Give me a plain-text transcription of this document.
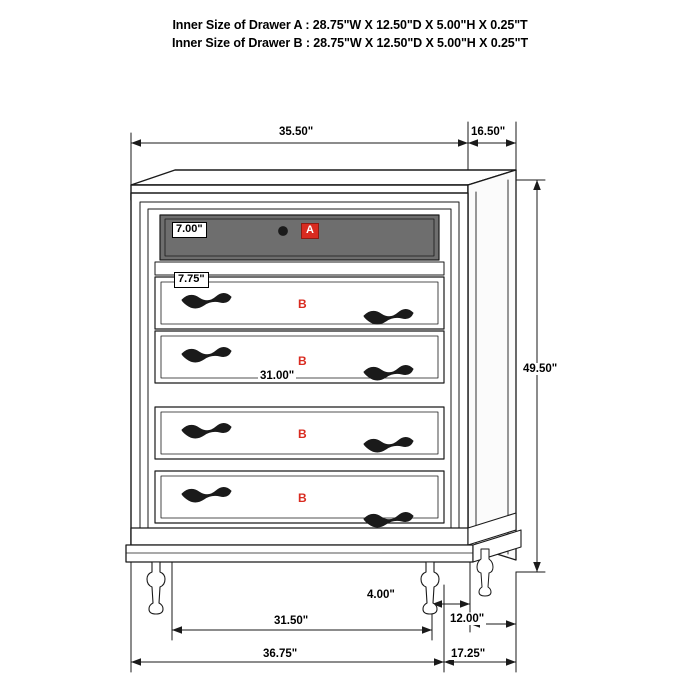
Inner Size of Drawer A : 28.75"W X 12.50"D X 5.00"H X 0.25"T
Inner Size of Drawer B : 28.75"W X 12.50"D X 5.00"H X 0.25"T
35.50"	16.50"
49.50"
7.00"
7.75"
31.00"
4.00"
12.00"
31.50"
36.75"	17.25"
A
B
B
B
B
